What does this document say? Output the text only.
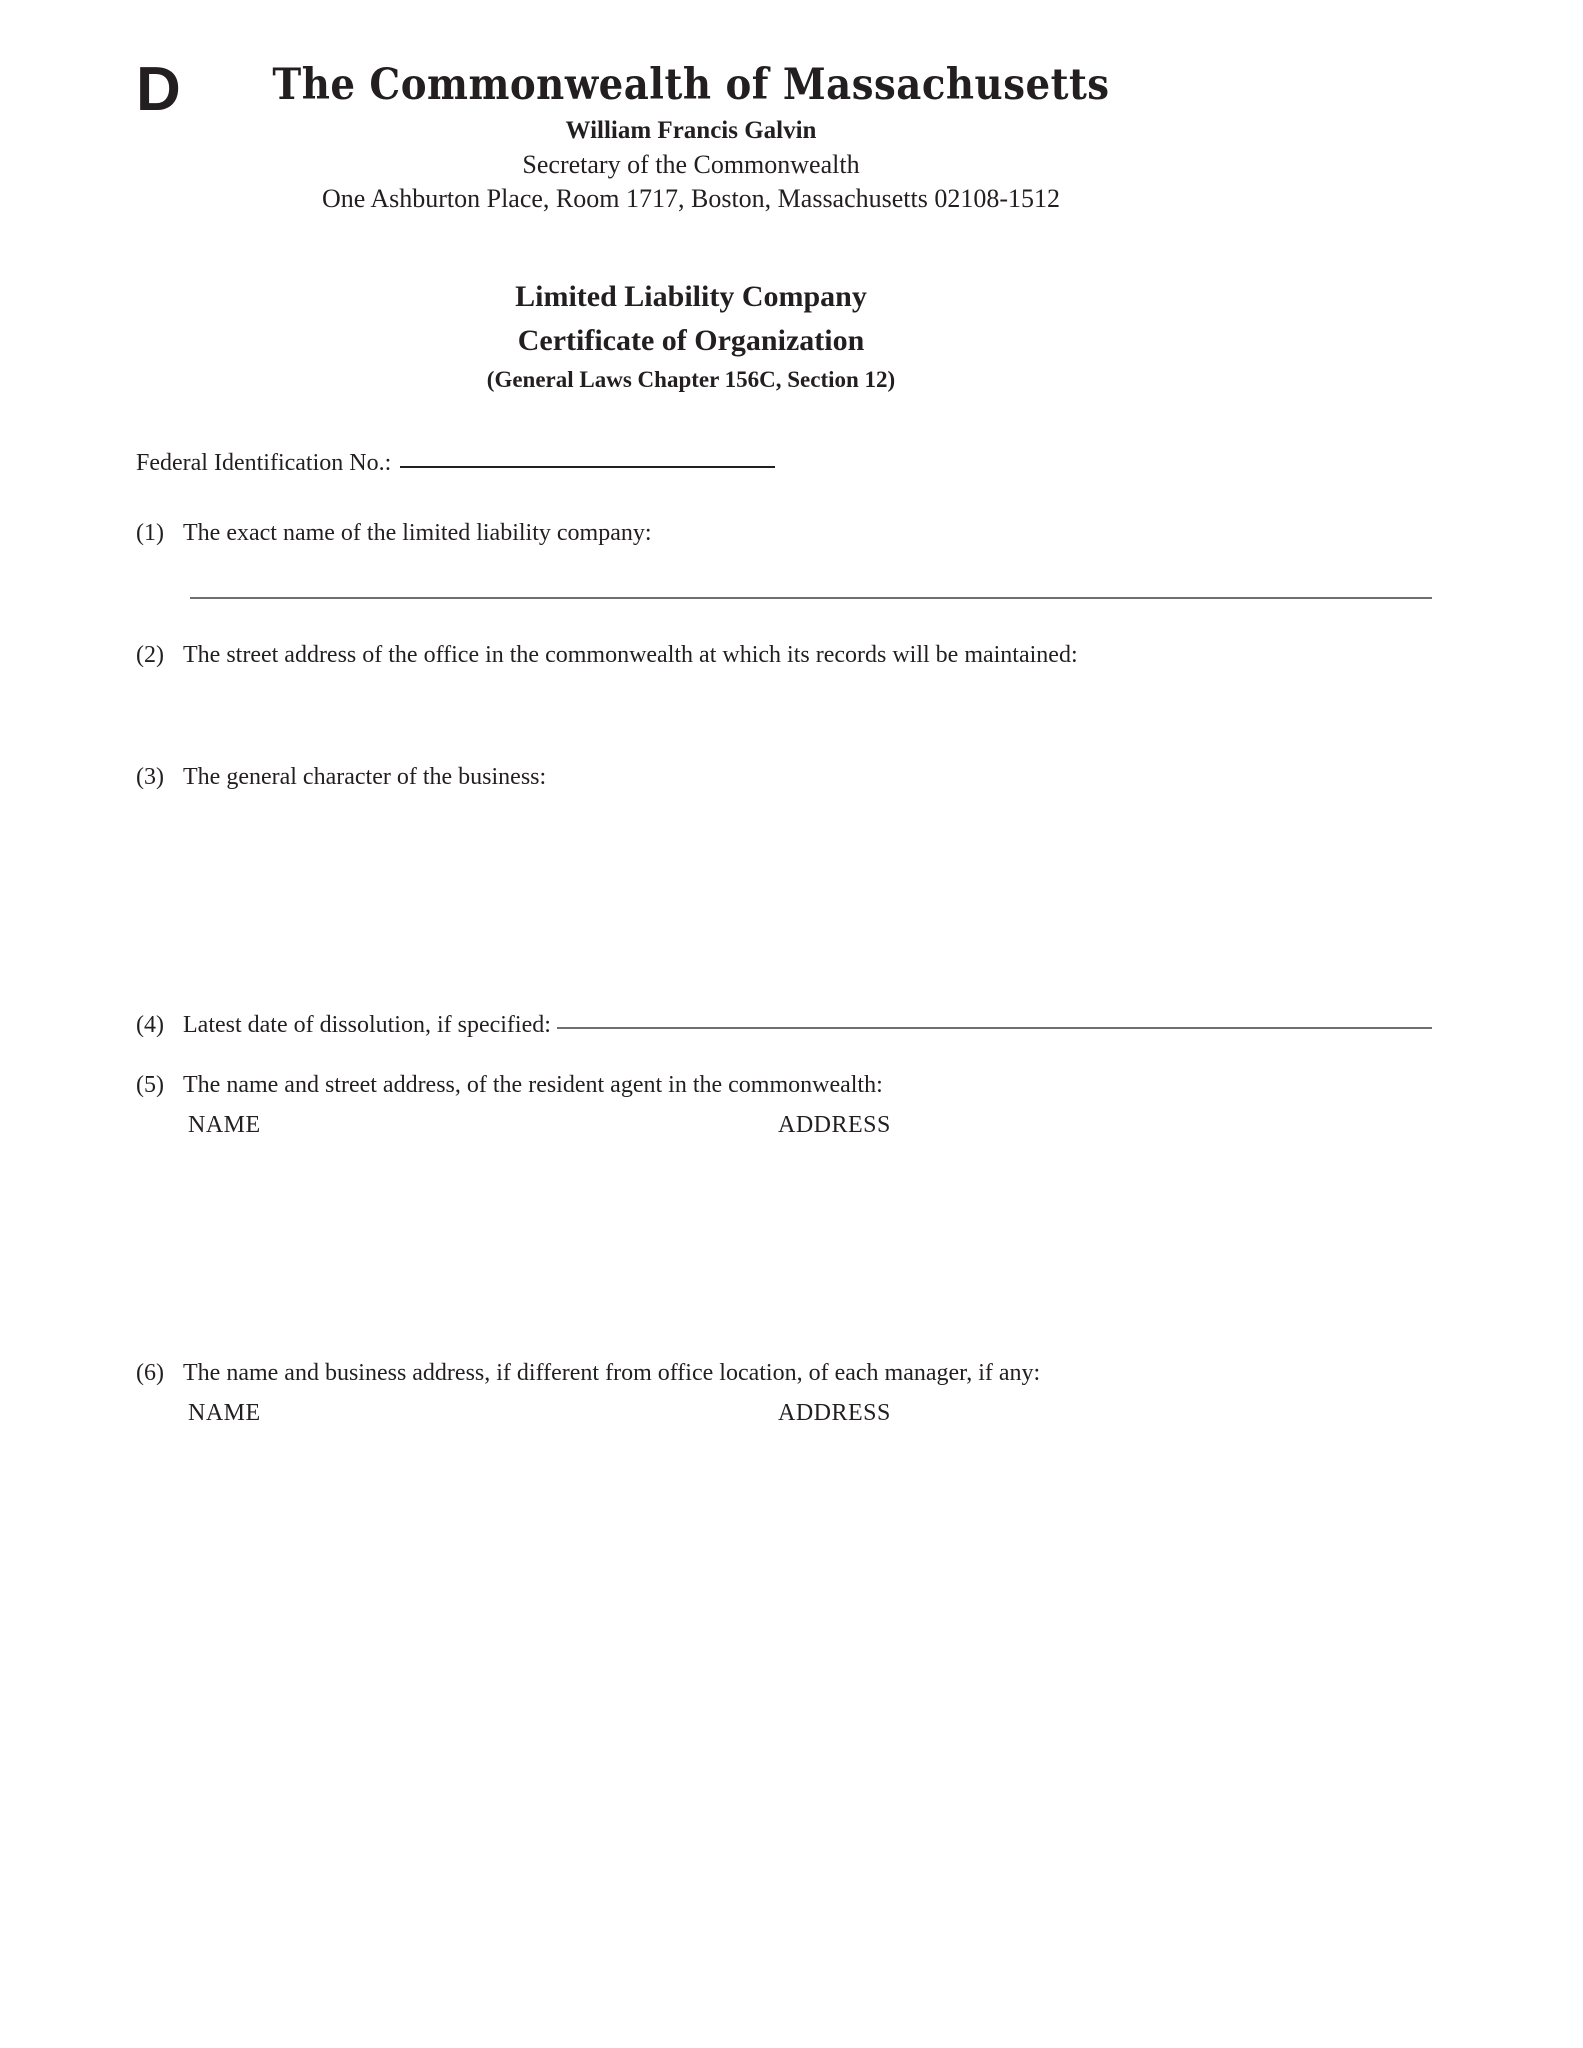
D	The Commonwealth of Massachusetts
William Francis Galvin
Secretary of the Commonwealth
One Ashburton Place, Room 1717, Boston, Massachusetts 02108-1512
Limited Liability Company
Certificate of Organization
(General Laws Chapter 156C, Section 12)
Federal Identification No.:
(1) The exact name of the limited liability company:
(2) The street address of the office in the commonwealth at which its records will be maintained:
(3) The general character of the business:
(4) Latest date of dissolution, if specified:
(5) The name and street address, of the resident agent in the commonwealth:
NAME	ADDRESS
(6) The name and business address, if different from office location, of each manager, if any:
NAME	ADDRESS
